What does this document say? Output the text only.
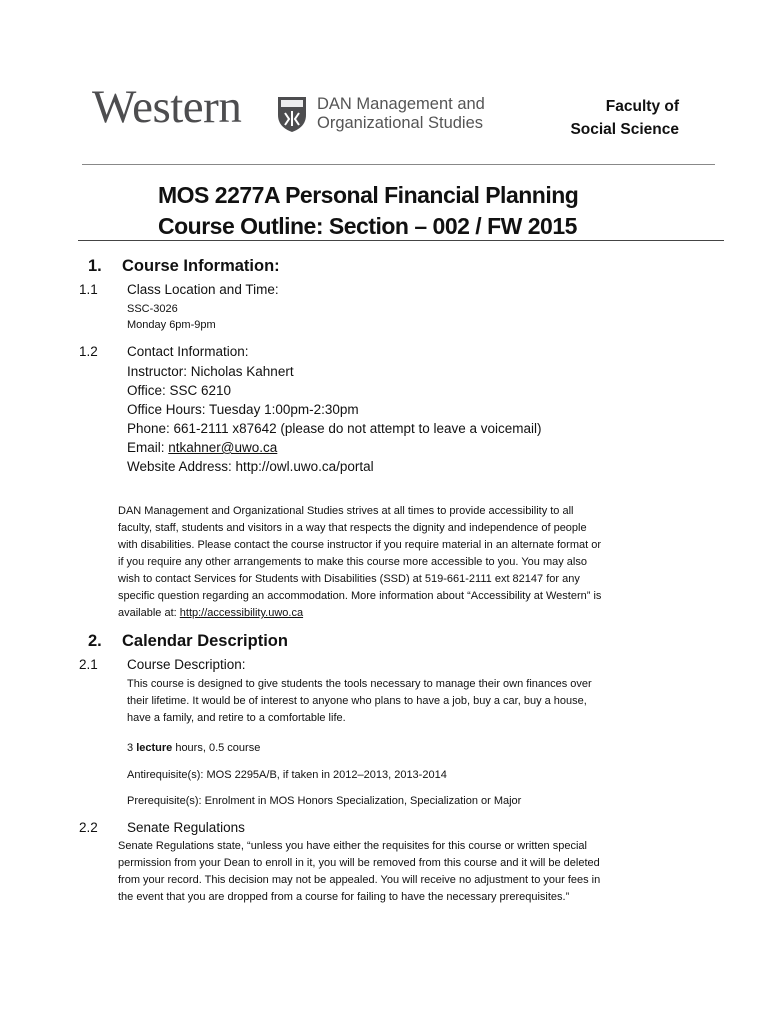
Western	DAN Management and
Organizational Studies
Faculty of
Social Science
MOS 2277A Personal Financial Planning
Course Outline: Section – 002 / FW 2015
1. Course Information:
1.1 Class Location and Time:
SSC-3026
Monday 6pm-9pm
1.2 Contact Information:
Instructor: Nicholas Kahnert
Office: SSC 6210
Office Hours: Tuesday 1:00pm-2:30pm
Phone: 661-2111 x87642 (please do not attempt to leave a voicemail)
Email: ntkahner@uwo.ca
Website Address: http://owl.uwo.ca/portal
DAN Management and Organizational Studies strives at all times to provide accessibility to all
faculty, staff, students and visitors in a way that respects the dignity and independence of people
with disabilities. Please contact the course instructor if you require material in an alternate format or
if you require any other arrangements to make this course more accessible to you. You may also
wish to contact Services for Students with Disabilities (SSD) at 519-661-2111 ext 82147 for any
specific question regarding an accommodation. More information about “Accessibility at Western” is
available at: http://accessibility.uwo.ca
2. Calendar Description
2.1 Course Description:
This course is designed to give students the tools necessary to manage their own finances over
their lifetime. It would be of interest to anyone who plans to have a job, buy a car, buy a house,
have a family, and retire to a comfortable life.
3 lecture hours, 0.5 course
Antirequisite(s): MOS 2295A/B, if taken in 2012–2013, 2013-2014
Prerequisite(s): Enrolment in MOS Honors Specialization, Specialization or Major
2.2 Senate Regulations
Senate Regulations state, “unless you have either the requisites for this course or written special
permission from your Dean to enroll in it, you will be removed from this course and it will be deleted
from your record. This decision may not be appealed. You will receive no adjustment to your fees in
the event that you are dropped from a course for failing to have the necessary prerequisites.”
